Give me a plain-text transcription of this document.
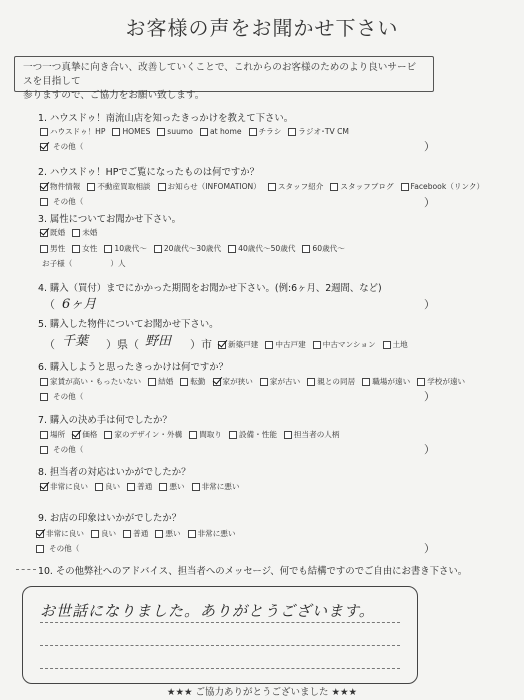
お客様の声をお聞かせ下さい
一つ一つ真摯に向き合い、改善していくことで、これからのお客様のためのより良いサービスを目指して
参りますので、ご協力をお願い致します。
1. ハウスドゥ！南流山店を知ったきっかけを教えて下さい。
ハウスドゥ！HP HOMES suumo at home チラシ ラジオ･TV CM
その他（	）
2. ハウスドゥ！HPでご覧になったものは何ですか？
物件情報 不動産買取相談 お知らせ（INFOMATION） スタッフ紹介 スタッフブログ Facebook（リンク）
その他（	）
3. 属性についてお聞かせ下さい。
既婚 未婚
男性 女性 10歳代～ 20歳代～30歳代 40歳代～50歳代 60歳代～
お子様（	）人
4. 購入（買付）までにかかった期間をお聞かせ下さい。(例:6ヶ月、2週間、など)
（ 6ヶ月	）
5. 購入した物件についてお聞かせ下さい。
（ 千葉 ）県（ 野田 ）市 新築戸建 中古戸建 中古マンション 土地
6. 購入しようと思ったきっかけは何ですか？
家賃が高い・もったいない 結婚 転勤 家が狭い 家が古い 親との同居 職場が遠い 学校が遠い
その他（	）
7. 購入の決め手は何でしたか？
場所 価格 家のデザイン・外構 間取り 設備・性能 担当者の人柄
その他（	）
8. 担当者の対応はいかがでしたか？
非常に良い 良い 普通 悪い 非常に悪い
9. お店の印象はいかがでしたか？
非常に良い 良い 普通 悪い 非常に悪い
その他（	）
10. その他弊社へのアドバイス、担当者へのメッセージ、何でも結構ですのでご自由にお書き下さい。
お世話になりました。ありがとうございます。
★★★ ご協力ありがとうございました ★★★
